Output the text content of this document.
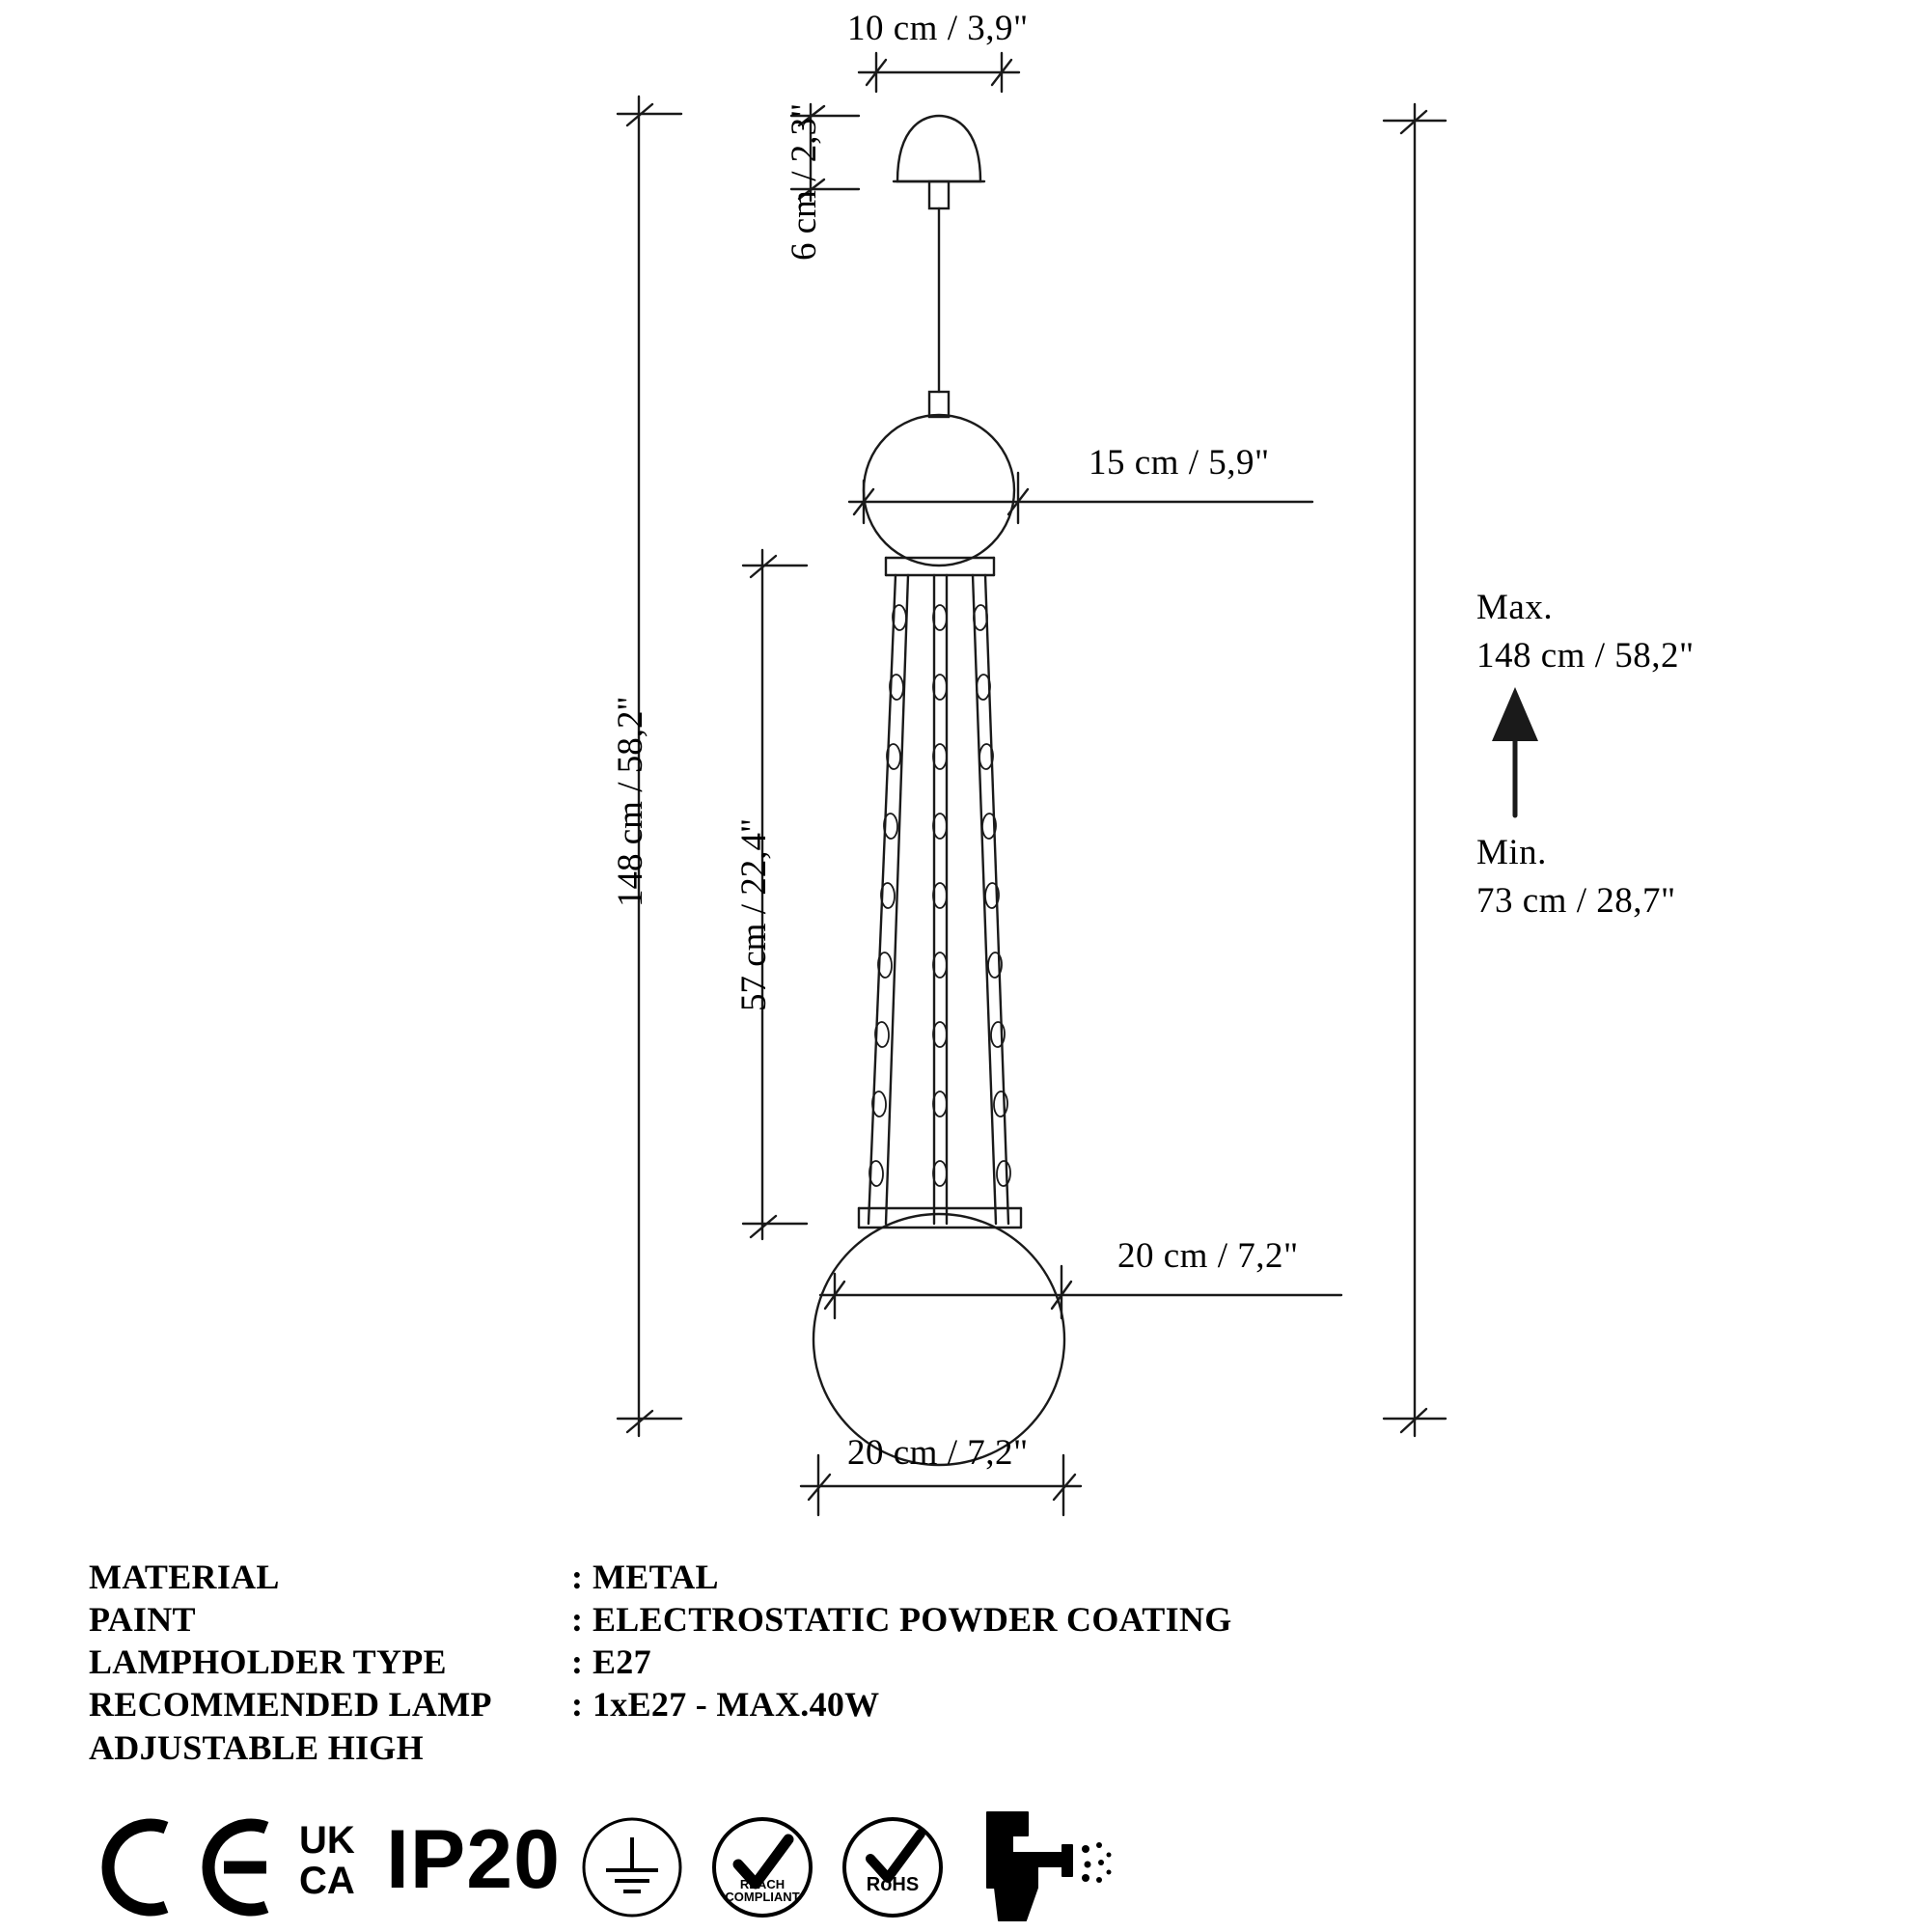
10 cm / 3,9"
6 cm / 2,3"
15 cm / 5,9"
148 cm / 58,2"
57 cm / 22,4"
20 cm / 7,2"
20 cm / 7,2"
Max.
148 cm / 58,2"
Min.
73 cm / 28,7"
MATERIAL	:	METAL
PAINT	:	ELECTROSTATIC POWDER COATING
LAMPHOLDER TYPE	:	E27
RECOMMENDED LAMP	:	1xE27 - MAX.40W
ADJUSTABLE HIGH
UK
CA IP20	REACH
COMPLIANT
RoHS
